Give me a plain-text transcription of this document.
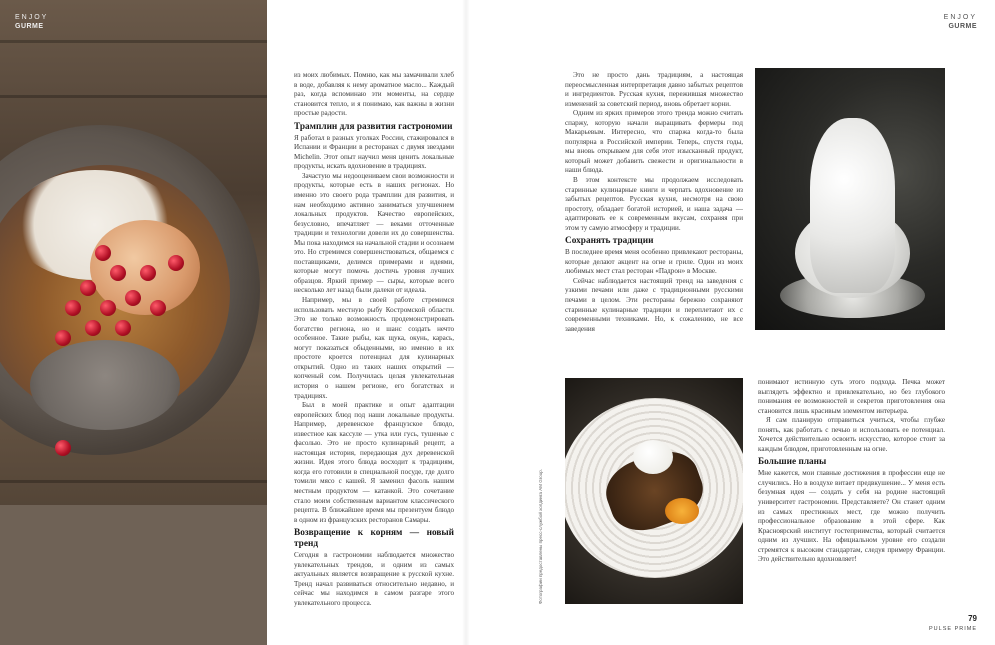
ENJOY
GURME
ENJOY
GURME

из моих любимых. Помню, как мы замачивали хлеб в воде, добавляя к нему ароматное масло... Каждый раз, когда вспоминаю эти моменты, на сердце становится тепло, и я понимаю, как важны в жизни простые радости.

Трамплин для развития гастрономии

Я работал в разных уголках России, стажировался в Испании и Франции в ресторанах с двумя звездами Michelin. Этот опыт научил меня ценить локальные продукты, искать вдохновение в традициях.

Зачастую мы недооцениваем свои возможности и продукты, которые есть в наших регионах. Но именно это своего рода трамплин для развития, и нам необходимо активно заниматься улучшением локальных продуктов. Качество европейских, безусловно, впечатляет — веками отточенные традиции и технологии довели их до совершенства. Мы пока находимся на начальной стадии и осознаем это. Но стремимся совершенствоваться, общаемся с поставщиками, делимся примерами и идеями, которые могут помочь достичь уровня лучших образцов. Яркий пример — сыры, которые всего несколько лет назад были далеки от идеала.

Например, мы в своей работе стремимся использовать местную рыбу Костромской области. Это не только возможность продемонстрировать богатство региона, но и шанс создать нечто особенное. Такие рыбы, как щука, окунь, карась, могут показаться обыденными, но именно в их простоте кроется потенциал для кулинарных открытий. Одно из таких наших открытий — копченый сом. Получилась целая увлекательная история о нашем регионе, его богатствах и традициях.

Был в моей практике и опыт адаптации европейских блюд под наши локальные продукты. Например, деревенское французское блюдо, известное как кассуле — утка или гусь, тушеные с фасолью. Это не просто кулинарный рецепт, а настоящая история, передающая дух деревенской жизни. Идея этого блюда восходит к традициям, когда его готовили в специальной посуде, где долго томили мясо с кашей. Я заменил фасоль нашим местным продуктом — катанкой. Это сочетание стало моим собственным вариантом классического рецепта. В ближайшее время мы презентуем блюдо в одном из французских ресторанов Самары.

Возвращение к корням — новый тренд

Сегодня в гастрономии наблюдается множество увлекательных трендов, и одним из самых актуальных является возвращение к русской кухне. Тренд начал развиваться относительно недавно, и сейчас мы находимся в самом разгаре этого увлекательного процесса.

Это не просто дань традициям, а настоящая переосмысленная интерпретация давно забытых рецептов и ингредиентов. Русская кухня, пережившая множество изменений за советский период, вновь обретает корни.

Одним из ярких примеров этого тренда можно считать спаржу, которую начали выращивать фермеры под Макарьевым. Интересно, что спаржа когда-то была популярна в Российской империи. Теперь, спустя годы, мы вновь открываем для себя этот изысканный продукт, который может добавить свежести и оригинальности в наши блюда.

В этом контексте мы продолжаем исследовать старинные кулинарные книги и черпать вдохновение из забытых рецептов. Русская кухня, несмотря на свою простоту, обладает богатой историей, и наша задача — адаптировать ее к современным вкусам, сохраняя при этом ту самую атмосферу и традиции.

Сохранять традиции

В последнее время меня особенно привлекают рестораны, которые делают акцент на огне и гриле. Один из моих любимых мест стал ресторан «Падрон» в Москве.

Сейчас наблюдается настоящий тренд на заведения с узкими печами или даже с традиционными русскими печами в целом. Эти рестораны бережно сохраняют старинные кулинарные традиции и переплетают их с современными техниками. Но, к сожалению, не все заведения

Фотографии предоставлены пресс-службой холдинга AM Group.

понимают истинную суть этого подхода. Печка может выглядеть эффектно и привлекательно, но без глубокого понимания ее возможностей и секретов приготовления она становится лишь красивым элементом интерьера.

Я сам планирую отправиться учиться, чтобы глубже понять, как работать с печью и использовать ее потенциал. Хочется действительно освоить искусство, которое стоит за каждым блюдом, приготовленным на огне.

Большие планы

Мне кажется, мои главные достижения в профессии еще не случились. Но в воздухе витает предвкушение... У меня есть безумная идея — создать у себя на родине настоящий университет гастрономии. Представляете? Он станет одним из самых престижных мест, где можно получить профессиональное образование в этой сфере. Как Красноярский институт гостеприимства, который считается одним из лучших. На официальном уровне его создали стремятся к высоким стандартам, следуя примеру Франции. Это действительно вдохновляет!

79
PULSE PRIME
